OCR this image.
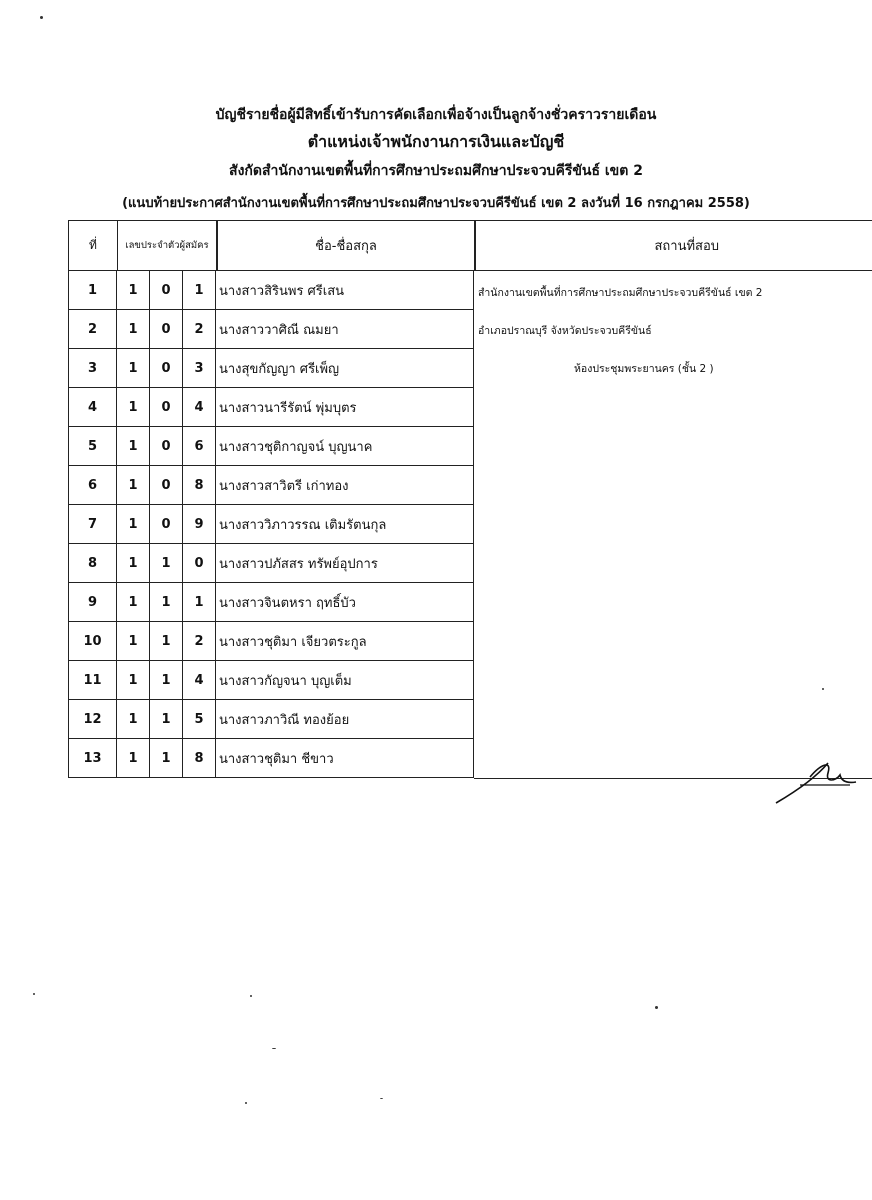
บัญชีรายชื่อผู้มีสิทธิ์เข้ารับการคัดเลือกเพื่อจ้างเป็นลูกจ้างชั่วคราวรายเดือน
ตำแหน่งเจ้าพนักงานการเงินและบัญชี
สังกัดสำนักงานเขตพื้นที่การศึกษาประถมศึกษาประจวบคีรีขันธ์ เขต 2
(แนบท้ายประกาศสำนักงานเขตพื้นที่การศึกษาประถมศึกษาประจวบคีรีขันธ์ เขต 2 ลงวันที่ 16 กรกฎาคม 2558)
ที่	เลขประจำตัวผู้สมัคร	ชื่อ-ชื่อสกุล	สถานที่สอบ
1	1	0	1	นางสาวสิรินพร ศรีเสน
2	1	0	2	นางสาววาศิณี ณมยา
3	1	0	3	นางสุขกัญญา ศรีเพ็ญ
4	1	0	4	นางสาวนารีรัตน์ พุ่มบุตร
5	1	0	6	นางสาวชุติกาญจน์ บุญนาค
6	1	0	8	นางสาวสาวิตรี เก่าทอง
7	1	0	9	นางสาววิภาวรรณ เติมรัตนกุล
8	1	1	0	นางสาวปภัสสร ทรัพย์อุปการ
9	1	1	1	นางสาวจินตหรา ฤทธิ์บัว
10	1	1	2	นางสาวชุติมา เจียวตระกูล
11	1	1	4	นางสาวกัญจนา บุญเต็ม
12	1	1	5	นางสาวภาวิณี ทองย้อย
13	1	1	8	นางสาวชุติมา ชีขาว
สำนักงานเขตพื้นที่การศึกษาประถมศึกษาประจวบคีรีขันธ์ เขต 2
อำเภอปราณบุรี จังหวัดประจวบคีรีขันธ์
ห้องประชุมพระยานคร (ชั้น 2 )
